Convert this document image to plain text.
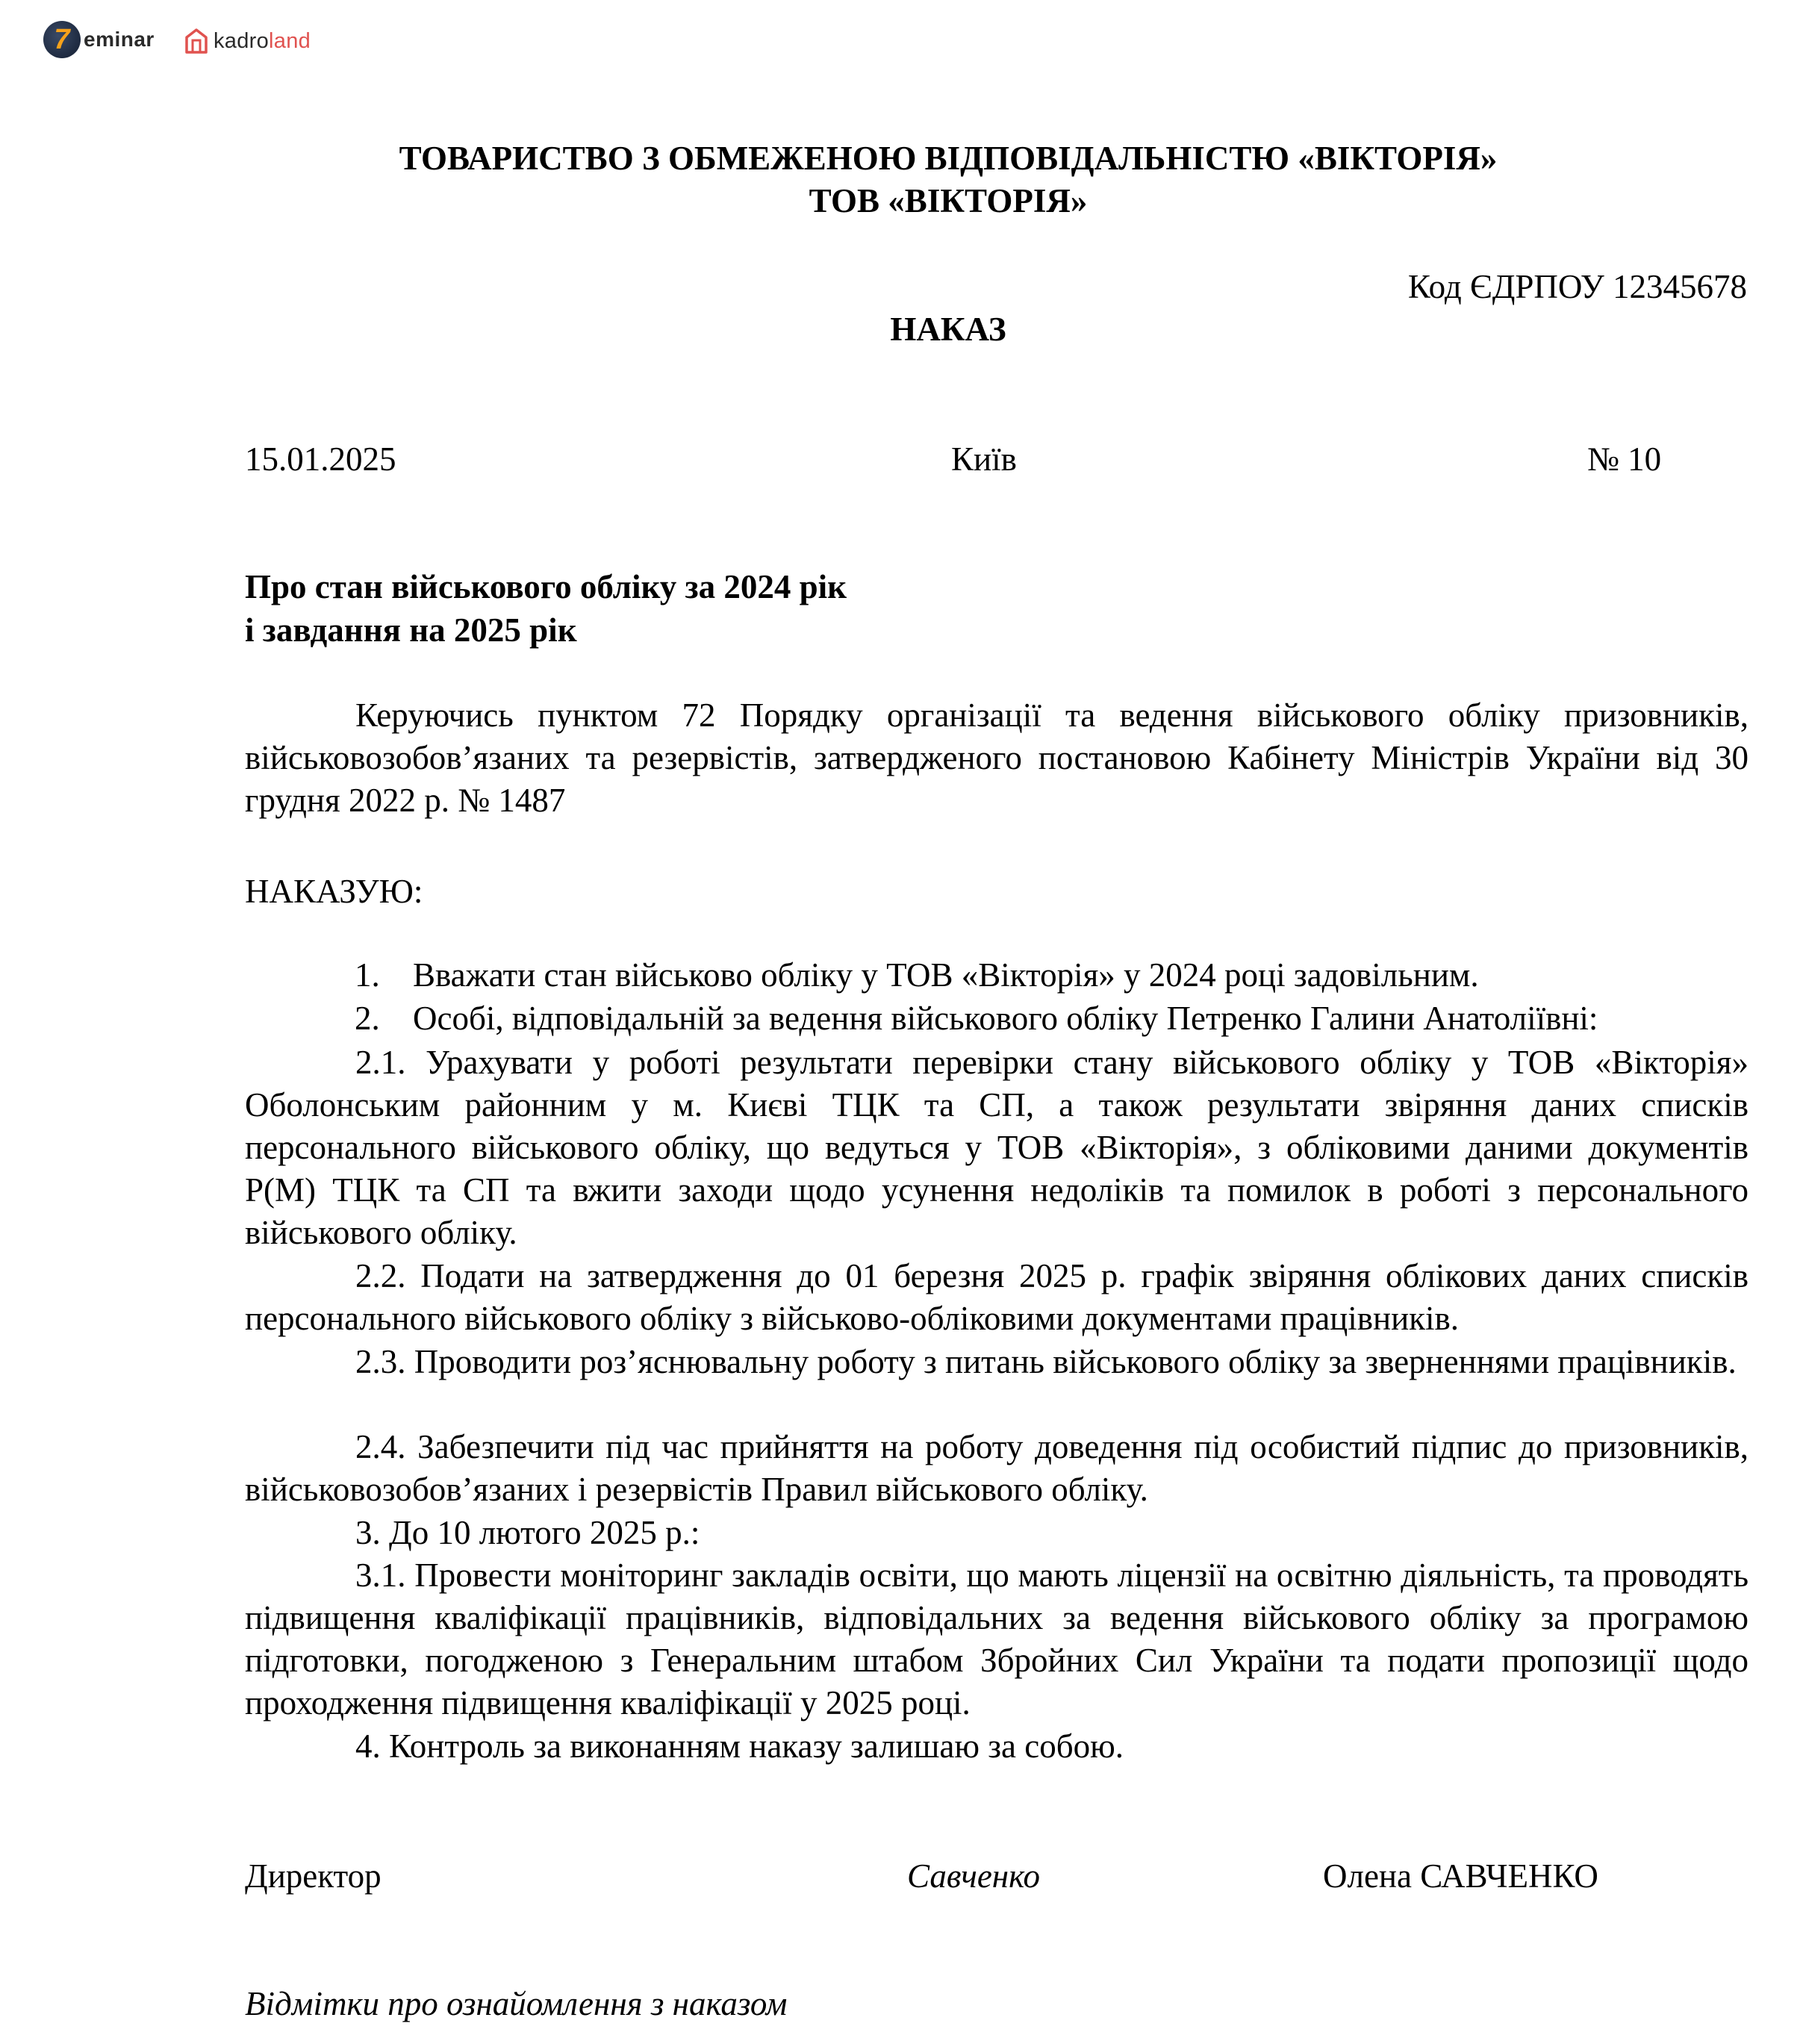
7 eminar	kadroland
ТОВАРИСТВО З ОБМЕЖЕНОЮ ВІДПОВІДАЛЬНІСТЮ «ВІКТОРІЯ»
ТОВ «ВІКТОРІЯ»
Код ЄДРПОУ 12345678
НАКАЗ
15.01.2025	Київ	№ 10
Про стан військового обліку за 2024 рік
і завдання на 2025 рік
Керуючись пунктом 72 Порядку організації та ведення військового обліку призовників, військовозобов’язаних та резервістів, затвердженого постановою Кабінету Міністрів України від 30 грудня 2022 р. № 1487
НАКАЗУЮ:
1. Вважати стан військово обліку у ТОВ «Вікторія» у 2024 році задовільним.
2. Особі, відповідальній за ведення військового обліку Петренко Галини Анатоліївні:
2.1. Урахувати у роботі результати перевірки стану військового обліку у ТОВ «Вікторія» Оболонським районним у м. Києві ТЦК та СП, а також результати звіряння даних списків персонального військового обліку, що ведуться у ТОВ «Вікторія», з обліковими даними документів Р(М) ТЦК та СП та вжити заходи щодо усунення недоліків та помилок в роботі з персонального військового обліку.
2.2. Подати на затвердження до 01 березня 2025 р. графік звіряння облікових даних списків персонального військового обліку з військово-обліковими документами працівників.
2.3. Проводити роз’яснювальну роботу з питань військового обліку за зверненнями працівників.
2.4. Забезпечити під час прийняття на роботу доведення під особистий підпис до призовників, військовозобов’язаних і резервістів Правил військового обліку.
3. До 10 лютого 2025 р.:
3.1. Провести моніторинг закладів освіти, що мають ліцензії на освітню діяльність, та проводять підвищення кваліфікації працівників, відповідальних за ведення військового обліку за програмою підготовки, погодженою з Генеральним штабом Збройних Сил України та подати пропозиції щодо проходження підвищення кваліфікації у 2025 році.
4. Контроль за виконанням наказу залишаю за собою.
Директор	Савченко	Олена САВЧЕНКО
Відмітки про ознайомлення з наказом
